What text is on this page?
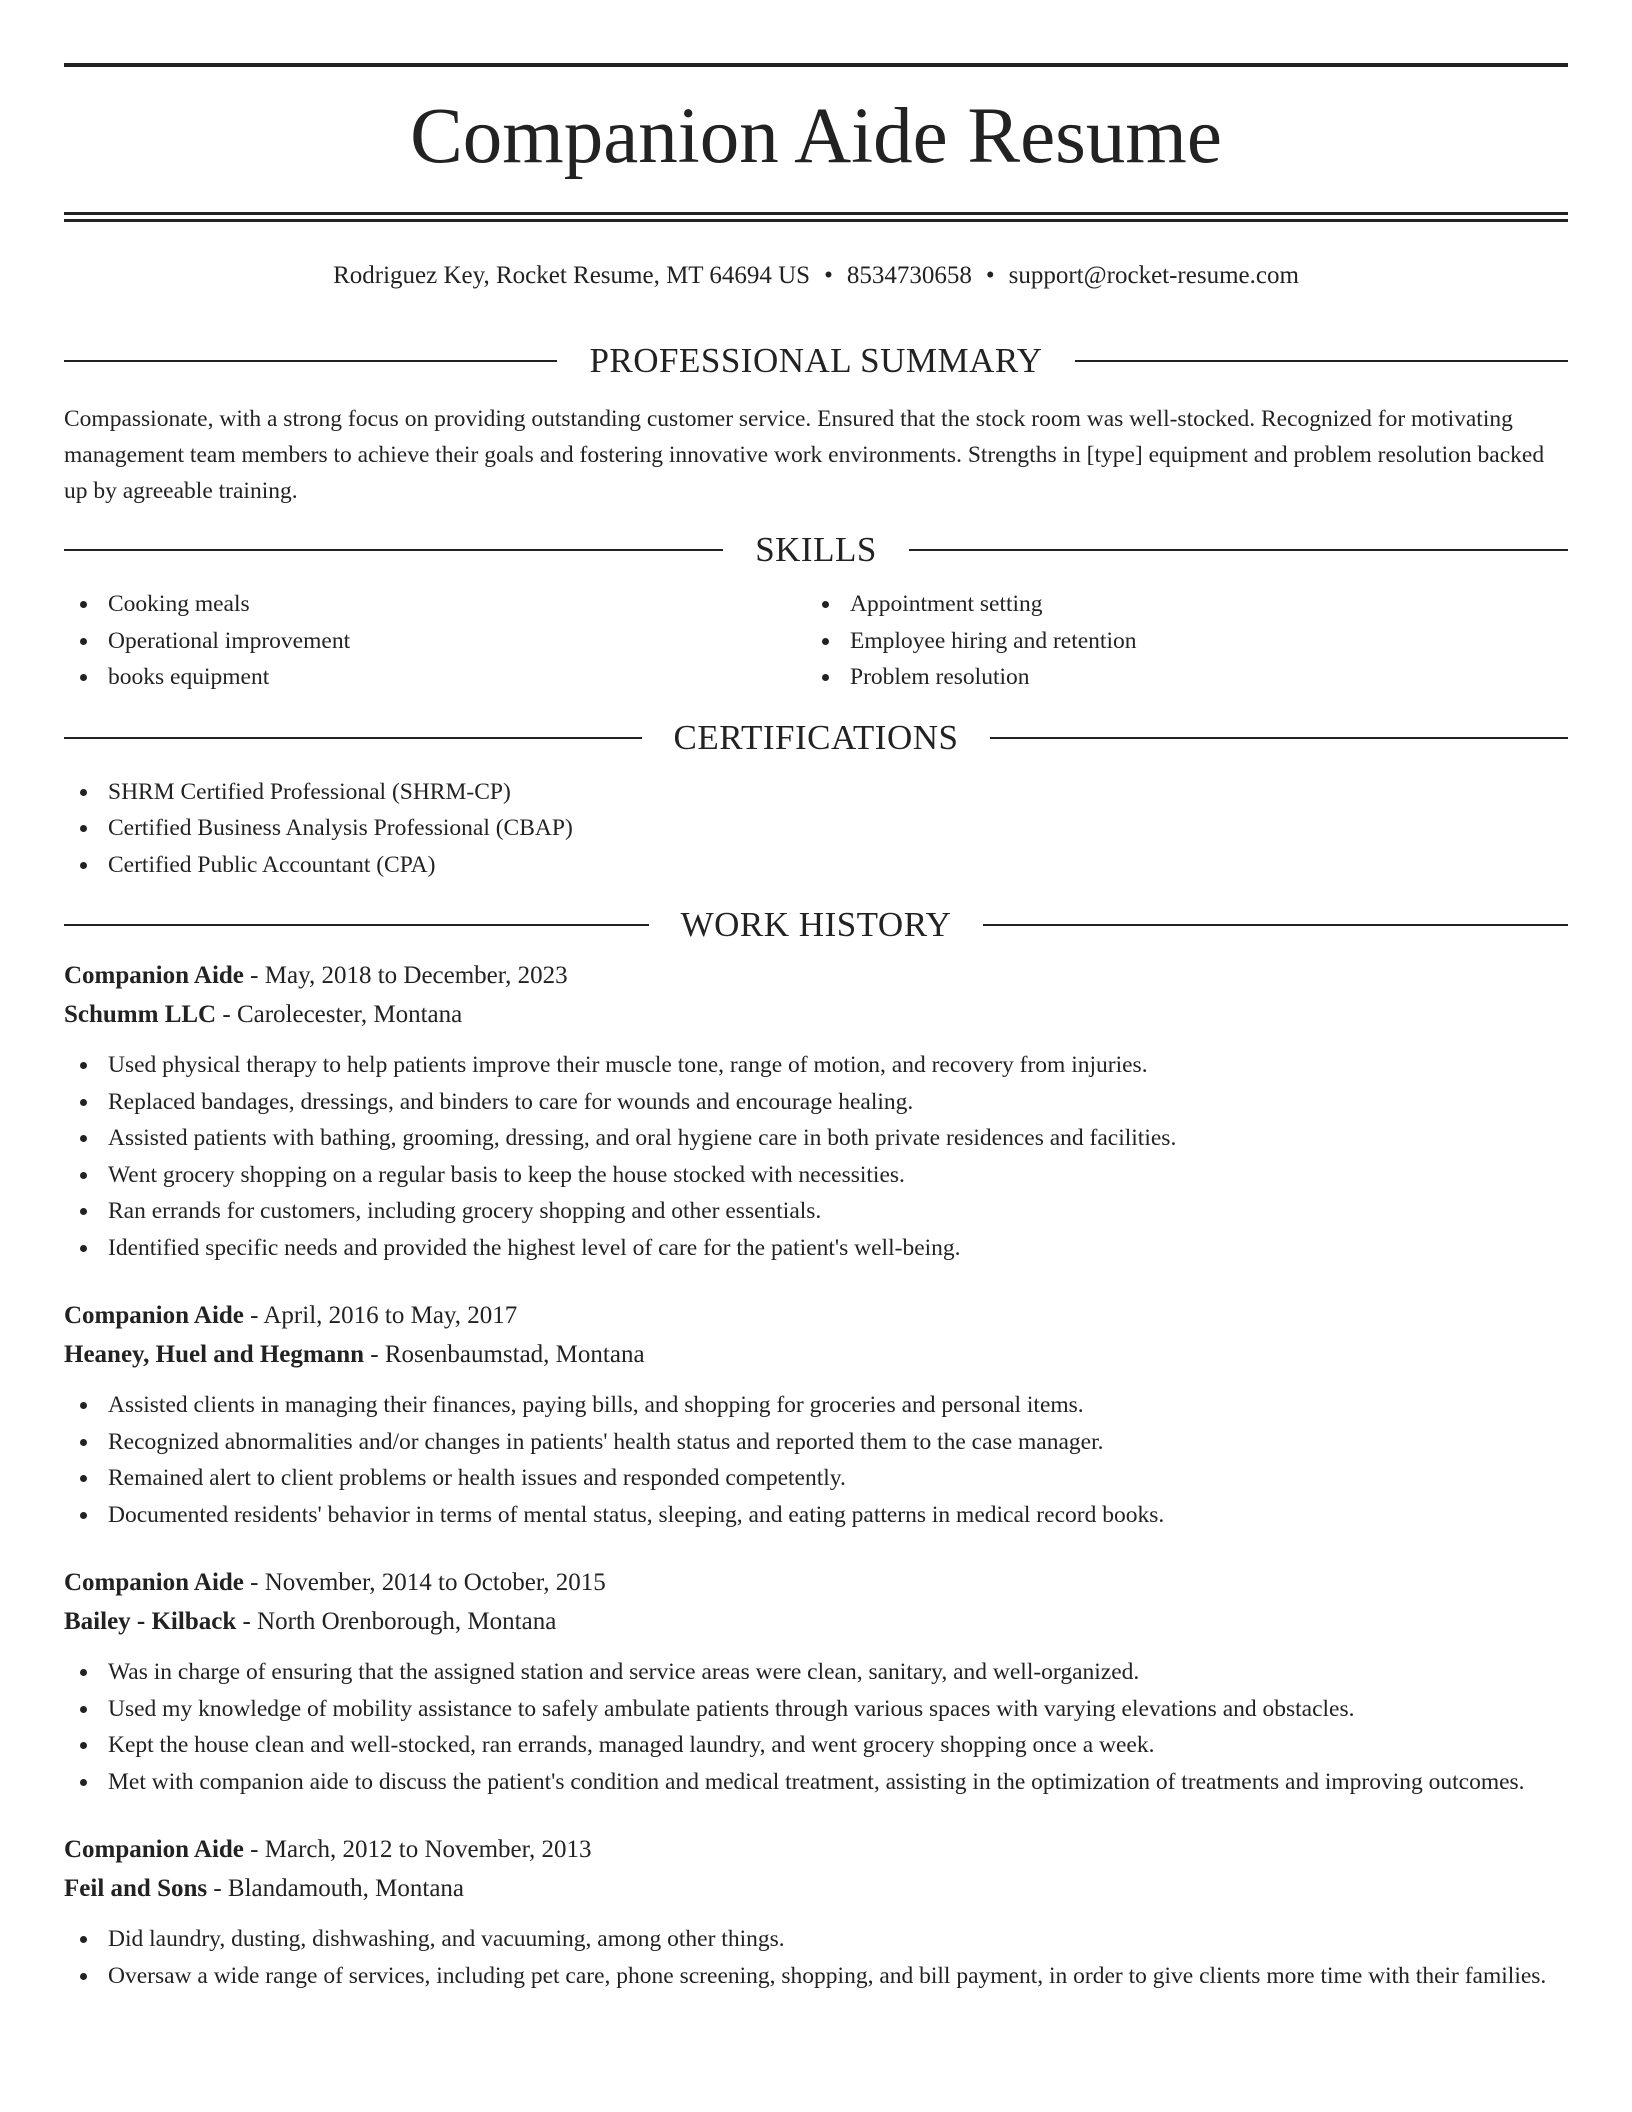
Companion Aide Resume
Rodriguez Key, Rocket Resume, MT 64694 US • 8534730658 • support@rocket-resume.com
PROFESSIONAL SUMMARY

Compassionate, with a strong focus on providing outstanding customer service. Ensured that the stock room was well-stocked. Recognized for motivating management team members to achieve their goals and fostering innovative work environments. Strengths in [type] equipment and problem resolution backed up by agreeable training.

SKILLS
Cooking meals
Operational improvement
books equipment
Appointment setting
Employee hiring and retention
Problem resolution
CERTIFICATIONS
SHRM Certified Professional (SHRM-CP)
Certified Business Analysis Professional (CBAP)
Certified Public Accountant (CPA)
WORK HISTORY
Companion Aide - May, 2018 to December, 2023
Schumm LLC - Carolecester, Montana
Used physical therapy to help patients improve their muscle tone, range of motion, and recovery from injuries.
Replaced bandages, dressings, and binders to care for wounds and encourage healing.
Assisted patients with bathing, grooming, dressing, and oral hygiene care in both private residences and facilities.
Went grocery shopping on a regular basis to keep the house stocked with necessities.
Ran errands for customers, including grocery shopping and other essentials.
Identified specific needs and provided the highest level of care for the patient's well-being.
Companion Aide - April, 2016 to May, 2017
Heaney, Huel and Hegmann - Rosenbaumstad, Montana
Assisted clients in managing their finances, paying bills, and shopping for groceries and personal items.
Recognized abnormalities and/or changes in patients' health status and reported them to the case manager.
Remained alert to client problems or health issues and responded competently.
Documented residents' behavior in terms of mental status, sleeping, and eating patterns in medical record books.
Companion Aide - November, 2014 to October, 2015
Bailey - Kilback - North Orenborough, Montana
Was in charge of ensuring that the assigned station and service areas were clean, sanitary, and well-organized.
Used my knowledge of mobility assistance to safely ambulate patients through various spaces with varying elevations and obstacles.
Kept the house clean and well-stocked, ran errands, managed laundry, and went grocery shopping once a week.
Met with companion aide to discuss the patient's condition and medical treatment, assisting in the optimization of treatments and improving outcomes.
Companion Aide - March, 2012 to November, 2013
Feil and Sons - Blandamouth, Montana
Did laundry, dusting, dishwashing, and vacuuming, among other things.
Oversaw a wide range of services, including pet care, phone screening, shopping, and bill payment, in order to give clients more time with their families.
